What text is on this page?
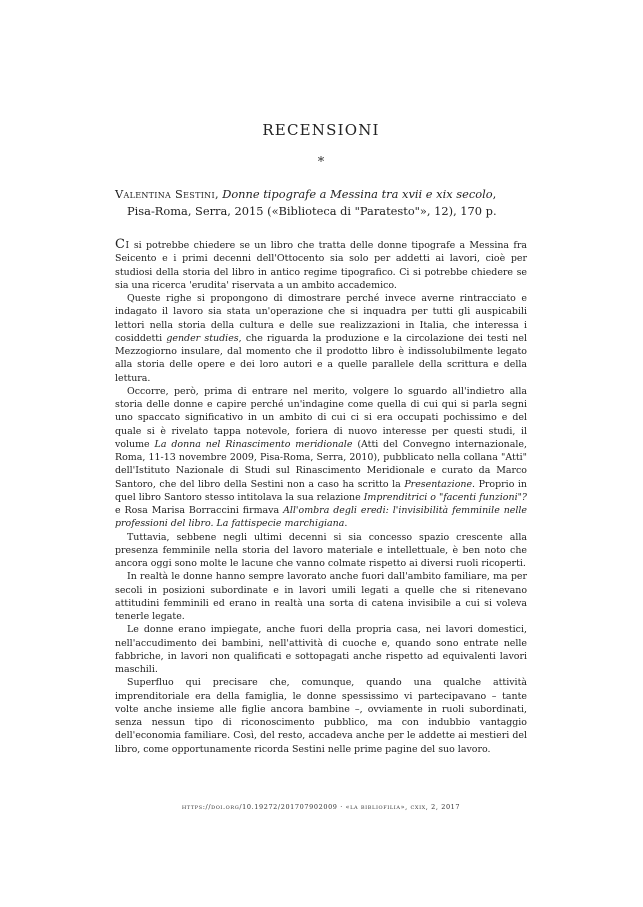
RECENSIONI
*
Valentina Sestini, Donne tipografe a Messina tra xvii e xix secolo, Pisa-Roma, Serra, 2015 («Biblioteca di "Paratesto"», 12), 170 p.

Ci si potrebbe chiedere se un libro che tratta delle donne tipografe a Messina fra Seicento e i primi decenni dell'Ottocento sia solo per addetti ai lavori, cioè per studiosi della storia del libro in antico regime tipografico. Ci si potrebbe chiedere se sia una ricerca 'erudita' riservata a un ambito accademico.

Queste righe si propongono di dimostrare perché invece averne rintracciato e indagato il lavoro sia stata un'operazione che si inquadra per tutti gli auspicabili lettori nella storia della cultura e delle sue realizzazioni in Italia, che interessa i cosiddetti gender studies, che riguarda la produzione e la circolazione dei testi nel Mezzogiorno insulare, dal momento che il prodotto libro è indissolubilmente legato alla storia delle opere e dei loro autori e a quelle parallele della scrittura e della lettura.

Occorre, però, prima di entrare nel merito, volgere lo sguardo all'indietro alla storia delle donne e capire perché un'indagine come quella di cui qui si parla segni uno spaccato significativo in un ambito di cui ci si era occupati pochissimo e del quale si è rivelato tappa notevole, foriera di nuovo interesse per questi studi, il volume La donna nel Rinascimento meridionale (Atti del Convegno internazionale, Roma, 11-13 novembre 2009, Pisa-Roma, Serra, 2010), pubblicato nella collana "Atti" dell'Istituto Nazionale di Studi sul Rinascimento Meridionale e curato da Marco Santoro, che del libro della Sestini non a caso ha scritto la Presentazione. Proprio in quel libro Santoro stesso intitolava la sua relazione Imprenditrici o "facenti funzioni"? e Rosa Marisa Borraccini firmava All'ombra degli eredi: l'invisibilità femminile nelle professioni del libro. La fattispecie marchigiana.

Tuttavia, sebbene negli ultimi decenni si sia concesso spazio crescente alla presenza femminile nella storia del lavoro materiale e intellettuale, è ben noto che ancora oggi sono molte le lacune che vanno colmate rispetto ai diversi ruoli ricoperti.

In realtà le donne hanno sempre lavorato anche fuori dall'ambito familiare, ma per secoli in posizioni subordinate e in lavori umili legati a quelle che si ritenevano attitudini femminili ed erano in realtà una sorta di catena invisibile a cui si voleva tenerle legate.

Le donne erano impiegate, anche fuori della propria casa, nei lavori domestici, nell'accudimento dei bambini, nell'attività di cuoche e, quando sono entrate nelle fabbriche, in lavori non qualificati e sottopagati anche rispetto ad equivalenti lavori maschili.

Superfluo qui precisare che, comunque, quando una qualche attività imprenditoriale era della famiglia, le donne spessissimo vi partecipavano – tante volte anche insieme alle figlie ancora bambine –, ovviamente in ruoli subordinati, senza nessun tipo di riconoscimento pubblico, ma con indubbio vantaggio dell'economia familiare. Così, del resto, accadeva anche per le addette ai mestieri del libro, come opportunamente ricorda Sestini nelle prime pagine del suo lavoro.

https://doi.org/10.19272/201707902009 · «la bibliofilia», cxix, 2, 2017
